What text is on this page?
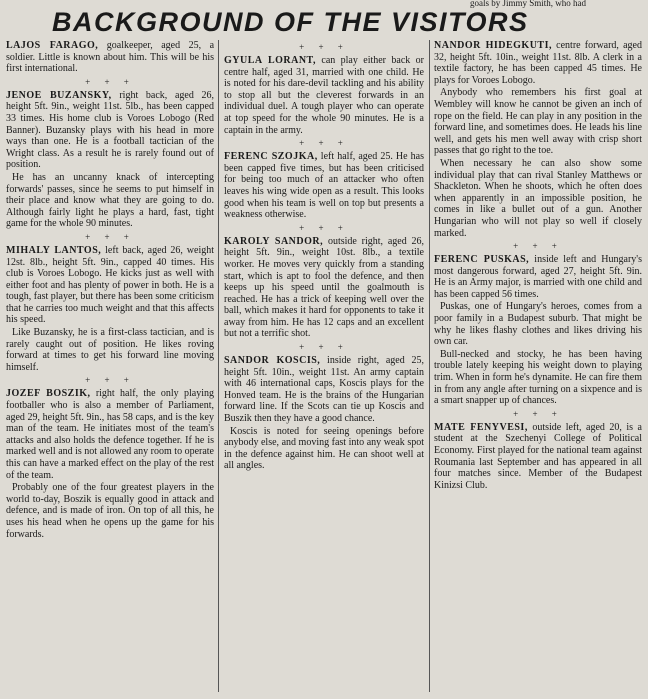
goals by Jimmy Smith, who had
BACKGROUND OF THE VISITORS

LAJOS FARAGO, goalkeeper, aged 25, a soldier. Little is known about him. This will be his first international.

+ + +

JENOE BUZANSKY, right back, aged 26, height 5ft. 9in., weight 11st. 5lb., has been capped 33 times. His home club is Voroes Lobogo (Red Banner). Buzansky plays with his head in more ways than one. He is a football tactician of the Wright class. As a result he is rarely found out of position.

He has an uncanny knack of intercepting forwards' passes, since he seems to put himself in their place and know what they are going to do. Although fairly light he plays a hard, fast, tight game for the whole 90 minutes.

+ + +

MIHALY LANTOS, left back, aged 26, weight 12st. 8lb., height 5ft. 9in., capped 40 times. His club is Voroes Lobogo. He kicks just as well with either foot and has plenty of power in both. He is a tough, fast player, but there has been some criticism that he carries too much weight and that this affects his speed.

Like Buzansky, he is a first-class tactician, and is rarely caught out of position. He likes roving forward at times to get his forward line moving himself.

+ + +

JOZEF BOSZIK, right half, the only playing footballer who is also a member of Parliament, aged 29, height 5ft. 9in., has 58 caps, and is the key man of the team. He initiates most of the team's attacks and also holds the defence together. If he is marked well and is not allowed any room to operate this can have a marked effect on the play of the rest of the team.

Probably one of the four greatest players in the world to-day, Boszik is equally good in attack and defence, and is made of iron. On top of all this, he uses his head when he opens up the game for his forwards.

+ + +

GYULA LORANT, can play either back or centre half, aged 31, married with one child. He is noted for his dare-devil tackling and his ability to stop all but the cleverest forwards in an individual duel. A tough player who can operate at top speed for the whole 90 minutes. He is a captain in the army.

+ + +

FERENC SZOJKA, left half, aged 25. He has been capped five times, but has been criticised for being too much of an attacker who often leaves his wing wide open as a result. This looks good when his team is well on top but presents a weakness otherwise.

+ + +

KAROLY SANDOR, outside right, aged 26, height 5ft. 9in., weight 10st. 8lb., a textile worker. He moves very quickly from a standing start, which is apt to fool the defence, and then keeps up his speed until the goalmouth is reached. He has a trick of keeping well over the ball, which makes it hard for opponents to take it away from him. He has 12 caps and an excellent but not a terrific shot.

+ + +

SANDOR KOSCIS, inside right, aged 25, height 5ft. 10in., weight 11st. An army captain with 46 international caps, Koscis plays for the Honved team. He is the brains of the Hungarian forward line. If the Scots can tie up Koscis and Buszik then they have a good chance.

Koscis is noted for seeing openings before anybody else, and moving fast into any weak spot in the defence against him. He can shoot well at all angles.

NANDOR HIDEGKUTI, centre forward, aged 32, height 5ft. 10in., weight 11st. 8lb. A clerk in a textile factory, he has been capped 45 times. He plays for Voroes Lobogo.

Anybody who remembers his first goal at Wembley will know he cannot be given an inch of rope on the field. He can play in any position in the forward line, and sometimes does. He leads his line well, and gets his men well away with crisp short passes that go right to the toe.

When necessary he can also show some individual play that can rival Stanley Matthews or Shackleton. When he shoots, which he often does when apparently in an impossible position, he comes in like a bullet out of a gun. Another Hungarian who will not play so well if closely marked.

+ + +

FERENC PUSKAS, inside left and Hungary's most dangerous forward, aged 27, height 5ft. 9in. He is an Army major, is married with one child and has been capped 56 times.

Puskas, one of Hungary's heroes, comes from a poor family in a Budapest suburb. That might be why he likes flashy clothes and likes driving his own car.

Bull-necked and stocky, he has been having trouble lately keeping his weight down to playing trim. When in form he's dynamite. He can fire them in from any angle after turning on a sixpence and is a smart snapper up of chances.

+ + +

MATE FENYVESI, outside left, aged 20, is a student at the Szechenyi College of Political Economy. First played for the national team against Roumania last September and has appeared in all four matches since. Member of the Budapest Kinizsi Club.
